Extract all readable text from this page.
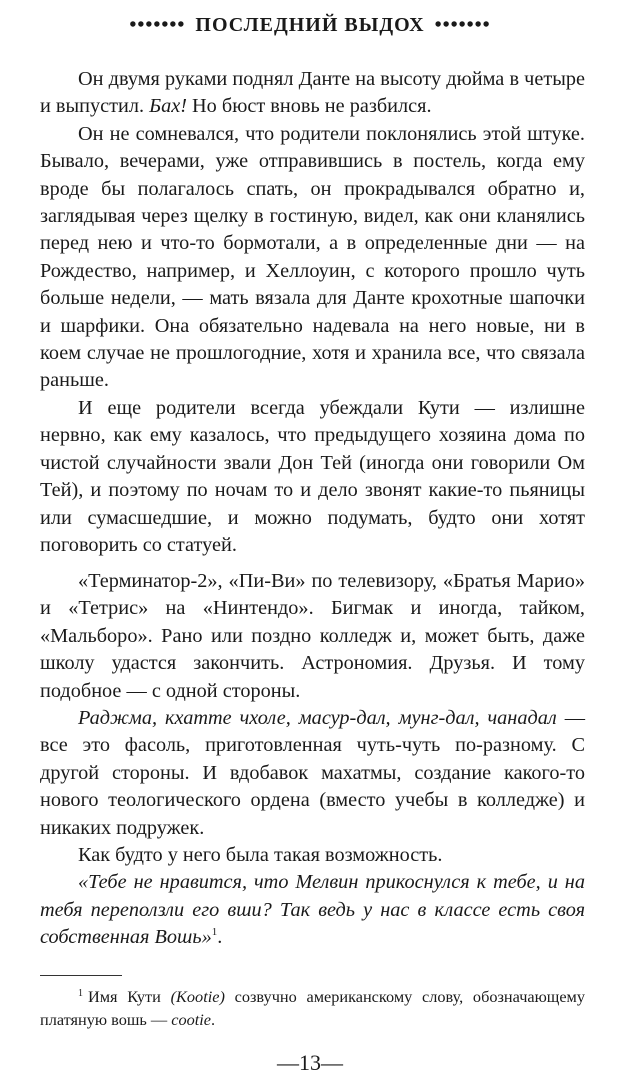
••••••• ПОСЛЕДНИЙ ВЫДОХ •••••••

Он двумя руками поднял Данте на высоту дюйма в четыре и выпустил. Бах! Но бюст вновь не разбился.

Он не сомневался, что родители поклонялись этой штуке. Бывало, вечерами, уже отправившись в постель, когда ему вроде бы полагалось спать, он прокрадывался обратно и, заглядывая через щелку в гостиную, видел, как они кланялись перед нею и что-то бормотали, а в определенные дни — на Рождество, например, и Хеллоуин, с которого прошло чуть больше недели, — мать вязала для Данте крохотные шапочки и шарфики. Она обязательно надевала на него новые, ни в коем случае не прошлогодние, хотя и хранила все, что связала раньше.

И еще родители всегда убеждали Кути — излишне нервно, как ему казалось, что предыдущего хозяина дома по чистой случайности звали Дон Тей (иногда они говорили Ом Тей), и поэтому по ночам то и дело звонят какие-то пьяницы или сумасшедшие, и можно подумать, будто они хотят поговорить со статуей.

«Терминатор-2», «Пи-Ви» по телевизору, «Братья Марио» и «Тетрис» на «Нинтендо». Бигмак и иногда, тайком, «Мальборо». Рано или поздно колледж и, может быть, даже школу удастся закончить. Астрономия. Друзья. И тому подобное — с одной стороны.

Раджма, кхатте чхоле, масур-дал, мунг-дал, чанадал — все это фасоль, приготовленная чуть-чуть по-разному. С другой стороны. И вдобавок махатмы, создание какого-то нового теологического ордена (вместо учебы в колледже) и никаких подружек.

Как будто у него была такая возможность.

«Тебе не нравится, что Мелвин прикоснулся к тебе, и на тебя переползли его вши? Так ведь у нас в классе есть своя собственная Вошь»$^1$.

$^1$ Имя Кути (Kootie) созвучно американскому слову, обозначающему платяную вошь — cootie.

—13—
